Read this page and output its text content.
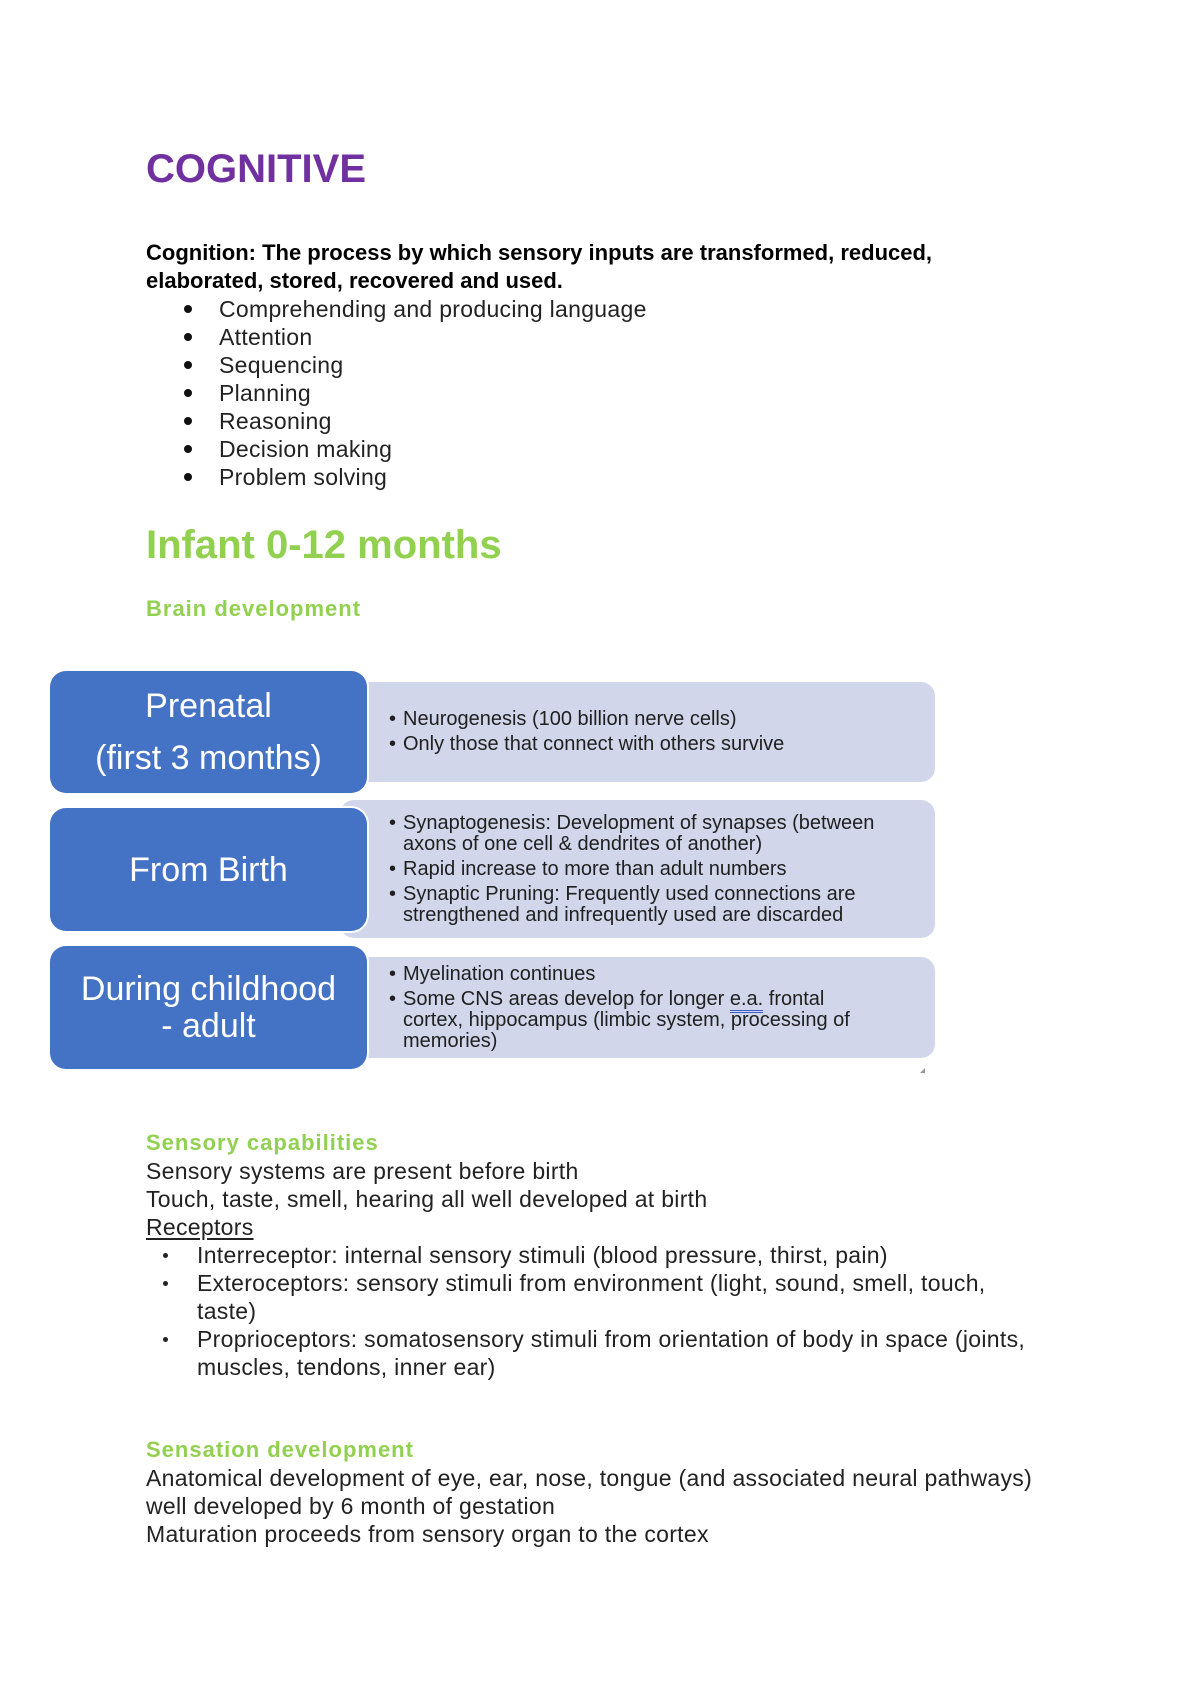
COGNITIVE
Cognition: The process by which sensory inputs are transformed, reduced,
elaborated, stored, recovered and used.
Comprehending and producing language
Attention
Sequencing
Planning
Reasoning
Decision making
Problem solving
Infant 0-12 months
Brain development
Prenatal
(first 3 months)
•
Neurogenesis (100 billion nerve cells)
•
Only those that connect with others survive
From Birth
•
Synaptogenesis: Development of synapses (between
axons of one cell & dendrites of another)
•
Rapid increase to more than adult numbers
•
Synaptic Pruning: Frequently used connections are
strengthened and infrequently used are discarded
During childhood
- adult
•
Myelination continues
•
Some CNS areas develop for longer e.a. frontal
cortex, hippocampus (limbic system, processing of
memories)
Sensory capabilities
Sensory systems are present before birth
Touch, taste, smell, hearing all well developed at birth
Receptors
Interreceptor: internal sensory stimuli (blood pressure, thirst, pain)
Exteroceptors: sensory stimuli from environment (light, sound, smell, touch,
taste)
Proprioceptors: somatosensory stimuli from orientation of body in space (joints,
muscles, tendons, inner ear)
Sensation development
Anatomical development of eye, ear, nose, tongue (and associated neural pathways)
well developed by 6 month of gestation
Maturation proceeds from sensory organ to the cortex
